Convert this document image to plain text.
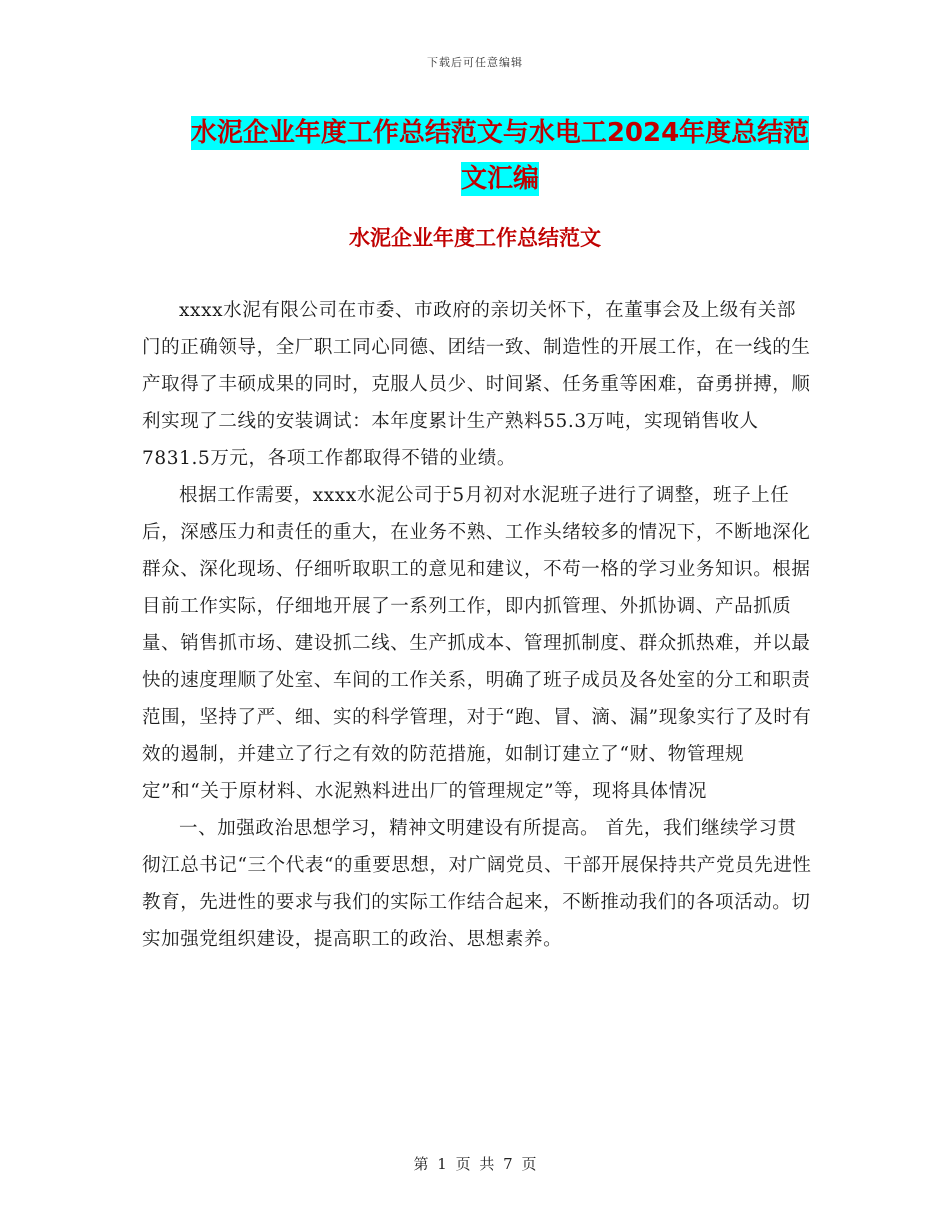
下载后可任意编辑
水泥企业年度工作总结范文与水电工2024年度总结范
文汇编
水泥企业年度工作总结范文

xxxx水泥有限公司在市委、市政府的亲切关怀下，在董事会及上级有关部门的正确领导，全厂职工同心同德、团结一致、制造性的开展工作，在一线的生产取得了丰硕成果的同时，克服人员少、时间紧、任务重等困难，奋勇拼搏，顺利实现了二线的安装调试：本年度累计生产熟料55.3万吨，实现销售收人7831.5万元，各项工作都取得不错的业绩。

根据工作需要，xxxx水泥公司于5月初对水泥班子进行了调整，班子上任后，深感压力和责任的重大，在业务不熟、工作头绪较多的情况下，不断地深化群众、深化现场、仔细听取职工的意见和建议，不苟一格的学习业务知识。根据目前工作实际，仔细地开展了一系列工作，即内抓管理、外抓协调、产品抓质量、销售抓市场、建设抓二线、生产抓成本、管理抓制度、群众抓热难，并以最快的速度理顺了处室、车间的工作关系，明确了班子成员及各处室的分工和职责范围，坚持了严、细、实的科学管理，对于“跑、冒、滴、漏”现象实行了及时有效的遏制，并建立了行之有效的防范措施，如制订建立了“财、物管理规定”和“关于原材料、水泥熟料进出厂的管理规定”等，现将具体情况

一、加强政治思想学习，精神文明建设有所提高。 首先，我们继续学习贯彻江总书记“三个代表“的重要思想，对广阔党员、干部开展保持共产党员先进性教育，先进性的要求与我们的实际工作结合起来，不断推动我们的各项活动。切实加强党组织建设，提高职工的政治、思想素养。

第 1 页 共 7 页
